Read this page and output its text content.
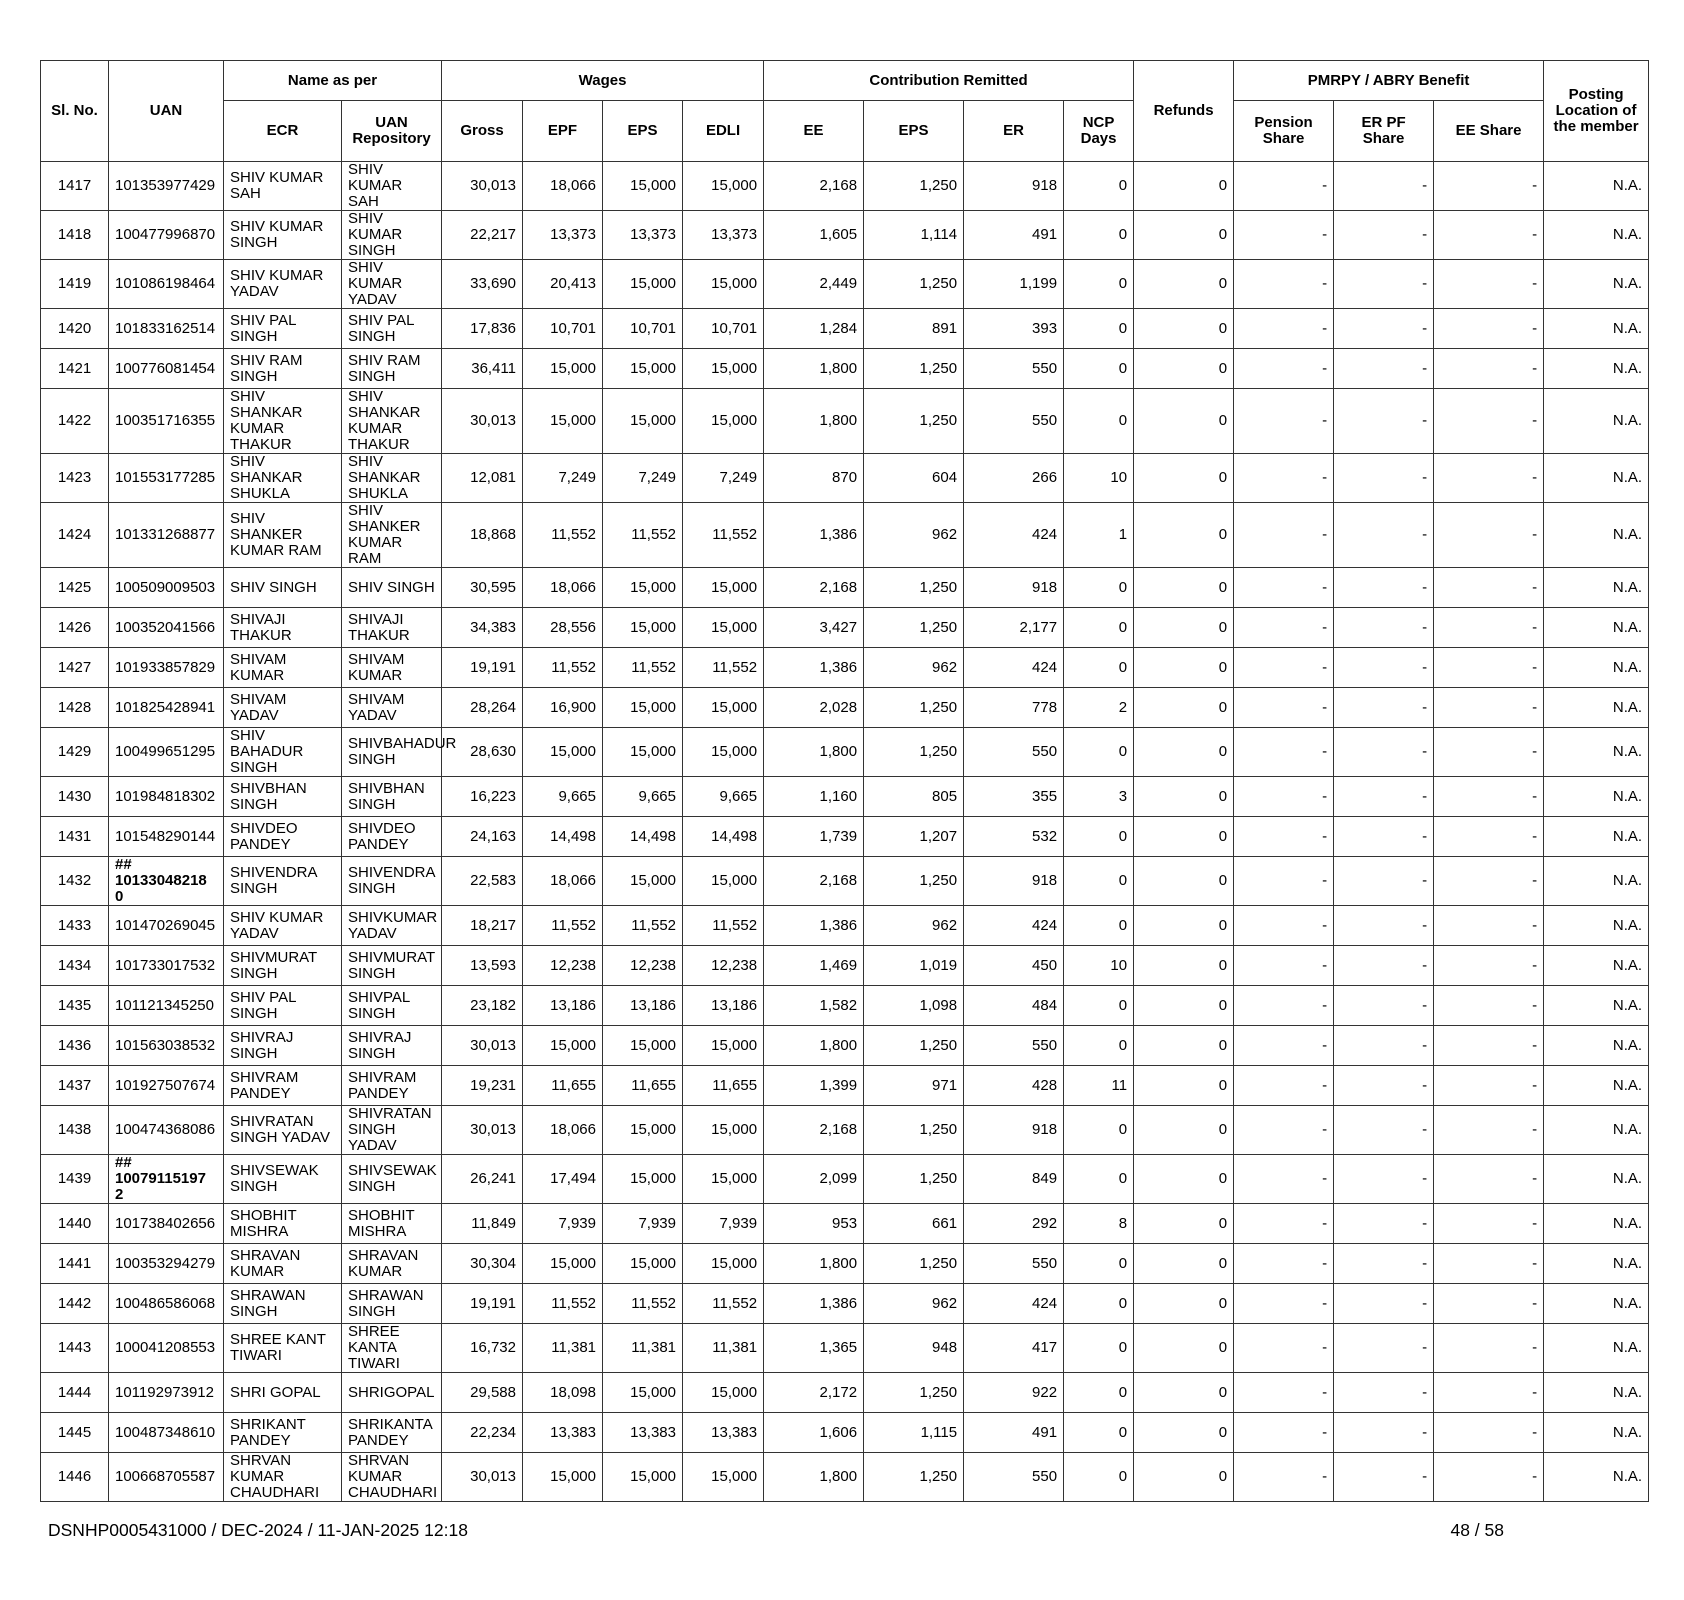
Sl. No.	UAN	Name as per		Wages				Contribution Remitted				Refunds	PMRPY / ABRY Benefit			Posting Location of the member
		ECR	UAN Repository	Gross	EPF	EPS	EDLI	EE	EPS	ER	NCP Days		Pension Share	ER PF Share	EE Share	
1417	101353977429	SHIV KUMAR SAH	SHIV KUMAR SAH	30,013	18,066	15,000	15,000	2,168	1,250	918	0	0	-	-	-	N.A.
1418	100477996870	SHIV KUMAR SINGH	SHIV KUMAR SINGH	22,217	13,373	13,373	13,373	1,605	1,114	491	0	0	-	-	-	N.A.
1419	101086198464	SHIV KUMAR YADAV	SHIV KUMAR YADAV	33,690	20,413	15,000	15,000	2,449	1,250	1,199	0	0	-	-	-	N.A.
1420	101833162514	SHIV PAL SINGH	SHIV PAL SINGH	17,836	10,701	10,701	10,701	1,284	891	393	0	0	-	-	-	N.A.
1421	100776081454	SHIV RAM SINGH	SHIV RAM SINGH	36,411	15,000	15,000	15,000	1,800	1,250	550	0	0	-	-	-	N.A.
1422	100351716355	SHIV SHANKAR KUMAR THAKUR	SHIV SHANKAR KUMAR THAKUR	30,013	15,000	15,000	15,000	1,800	1,250	550	0	0	-	-	-	N.A.
1423	101553177285	SHIV SHANKAR SHUKLA	SHIV SHANKAR SHUKLA	12,081	7,249	7,249	7,249	870	604	266	10	0	-	-	-	N.A.
1424	101331268877	SHIV SHANKER KUMAR RAM	SHIV SHANKER KUMAR RAM	18,868	11,552	11,552	11,552	1,386	962	424	1	0	-	-	-	N.A.
1425	100509009503	SHIV SINGH	SHIV SINGH	30,595	18,066	15,000	15,000	2,168	1,250	918	0	0	-	-	-	N.A.
1426	100352041566	SHIVAJI THAKUR	SHIVAJI THAKUR	34,383	28,556	15,000	15,000	3,427	1,250	2,177	0	0	-	-	-	N.A.
1427	101933857829	SHIVAM KUMAR	SHIVAM KUMAR	19,191	11,552	11,552	11,552	1,386	962	424	0	0	-	-	-	N.A.
1428	101825428941	SHIVAM YADAV	SHIVAM YADAV	28,264	16,900	15,000	15,000	2,028	1,250	778	2	0	-	-	-	N.A.
1429	100499651295	SHIV BAHADUR SINGH	SHIVBAHADUR SINGH	28,630	15,000	15,000	15,000	1,800	1,250	550	0	0	-	-	-	N.A.
1430	101984818302	SHIVBHAN SINGH	SHIVBHAN SINGH	16,223	9,665	9,665	9,665	1,160	805	355	3	0	-	-	-	N.A.
1431	101548290144	SHIVDEO PANDEY	SHIVDEO PANDEY	24,163	14,498	14,498	14,498	1,739	1,207	532	0	0	-	-	-	N.A.
1432	## 10133048218 0	SHIVENDRA SINGH	SHIVENDRA SINGH	22,583	18,066	15,000	15,000	2,168	1,250	918	0	0	-	-	-	N.A.
1433	101470269045	SHIV KUMAR YADAV	SHIVKUMAR YADAV	18,217	11,552	11,552	11,552	1,386	962	424	0	0	-	-	-	N.A.
1434	101733017532	SHIVMURAT SINGH	SHIVMURAT SINGH	13,593	12,238	12,238	12,238	1,469	1,019	450	10	0	-	-	-	N.A.
1435	101121345250	SHIV PAL SINGH	SHIVPAL SINGH	23,182	13,186	13,186	13,186	1,582	1,098	484	0	0	-	-	-	N.A.
1436	101563038532	SHIVRAJ SINGH	SHIVRAJ SINGH	30,013	15,000	15,000	15,000	1,800	1,250	550	0	0	-	-	-	N.A.
1437	101927507674	SHIVRAM PANDEY	SHIVRAM PANDEY	19,231	11,655	11,655	11,655	1,399	971	428	11	0	-	-	-	N.A.
1438	100474368086	SHIVRATAN SINGH YADAV	SHIVRATAN SINGH YADAV	30,013	18,066	15,000	15,000	2,168	1,250	918	0	0	-	-	-	N.A.
1439	## 10079115197 2	SHIVSEWAK SINGH	SHIVSEWAK SINGH	26,241	17,494	15,000	15,000	2,099	1,250	849	0	0	-	-	-	N.A.
1440	101738402656	SHOBHIT MISHRA	SHOBHIT MISHRA	11,849	7,939	7,939	7,939	953	661	292	8	0	-	-	-	N.A.
1441	100353294279	SHRAVAN KUMAR	SHRAVAN KUMAR	30,304	15,000	15,000	15,000	1,800	1,250	550	0	0	-	-	-	N.A.
1442	100486586068	SHRAWAN SINGH	SHRAWAN SINGH	19,191	11,552	11,552	11,552	1,386	962	424	0	0	-	-	-	N.A.
1443	100041208553	SHREE KANT TIWARI	SHREE KANTA TIWARI	16,732	11,381	11,381	11,381	1,365	948	417	0	0	-	-	-	N.A.
1444	101192973912	SHRI GOPAL	SHRIGOPAL	29,588	18,098	15,000	15,000	2,172	1,250	922	0	0	-	-	-	N.A.
1445	100487348610	SHRIKANT PANDEY	SHRIKANTA PANDEY	22,234	13,383	13,383	13,383	1,606	1,115	491	0	0	-	-	-	N.A.
1446	100668705587	SHRVAN KUMAR CHAUDHARI	SHRVAN KUMAR CHAUDHARI	30,013	15,000	15,000	15,000	1,800	1,250	550	0	0	-	-	-	N.A.
DSNHP0005431000 / DEC-2024 / 11-JAN-2025 12:18	48 / 58
